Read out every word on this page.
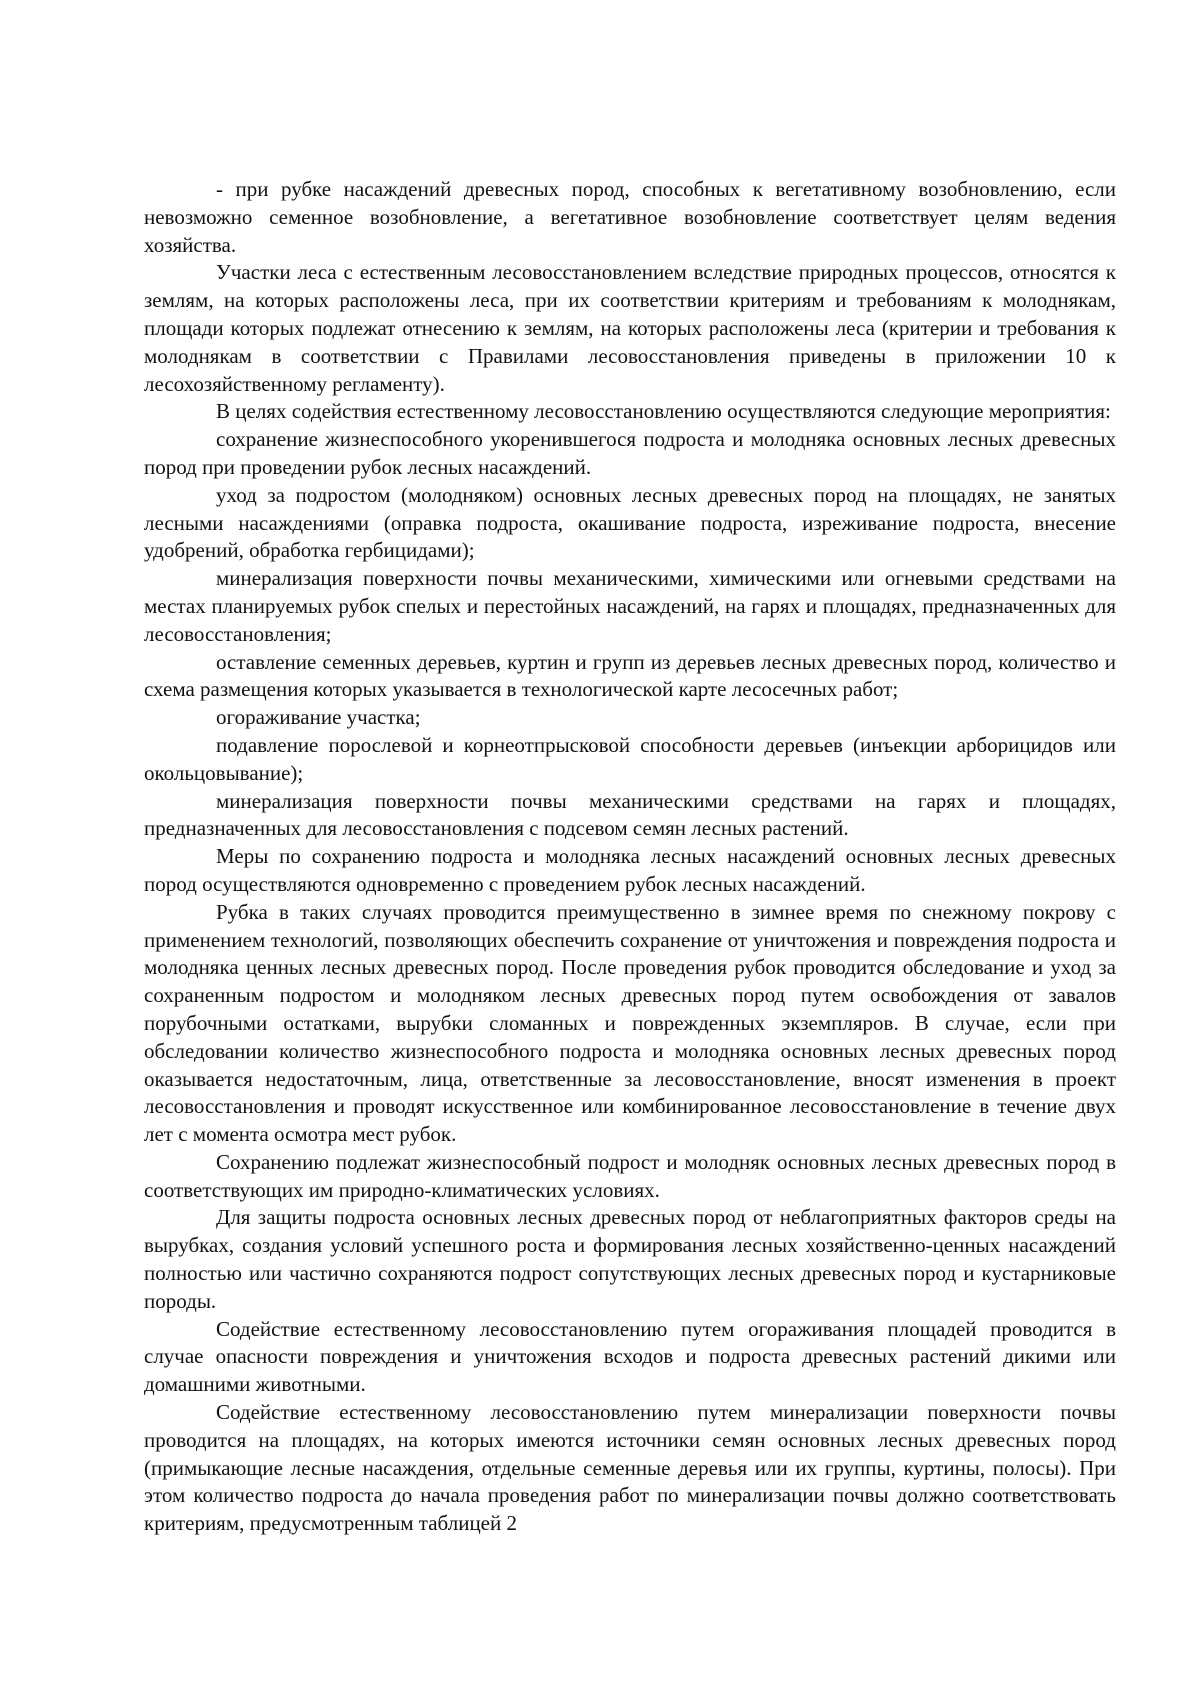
- при рубке насаждений древесных пород, способных к вегетативному возобновлению, если невозможно семенное возобновление, а вегетативное возобновление соответствует целям ведения хозяйства.

Участки леса с естественным лесовосстановлением вследствие природных процессов, относятся к землям, на которых расположены леса, при их соответствии критериям и требованиям к молоднякам, площади которых подлежат отнесению к землям, на которых расположены леса (критерии и требования к молоднякам в соответствии с Правилами лесовосстановления приведены в приложении 10 к лесохозяйственному регламенту).

В целях содействия естественному лесовосстановлению осуществляются следующие мероприятия:

сохранение жизнеспособного укоренившегося подроста и молодняка основных лесных древесных пород при проведении рубок лесных насаждений.

уход за подростом (молодняком) основных лесных древесных пород на площадях, не занятых лесными насаждениями (оправка подроста, окашивание подроста, изреживание подроста, внесение удобрений, обработка гербицидами);

минерализация поверхности почвы механическими, химическими или огневыми средствами на местах планируемых рубок спелых и перестойных насаждений, на гарях и площадях, предназначенных для лесовосстановления;

оставление семенных деревьев, куртин и групп из деревьев лесных древесных пород, количество и схема размещения которых указывается в технологической карте лесосечных работ;

огораживание участка;

подавление порослевой и корнеотпрысковой способности деревьев (инъекции арборицидов или окольцовывание);

минерализация поверхности почвы механическими средствами на гарях и площадях, предназначенных для лесовосстановления с подсевом семян лесных растений.

Меры по сохранению подроста и молодняка лесных насаждений основных лесных древесных пород осуществляются одновременно с проведением рубок лесных насаждений.

Рубка в таких случаях проводится преимущественно в зимнее время по снежному покрову с применением технологий, позволяющих обеспечить сохранение от уничтожения и повреждения подроста и молодняка ценных лесных древесных пород. После проведения рубок проводится обследование и уход за сохраненным подростом и молодняком лесных древесных пород путем освобождения от завалов порубочными остатками, вырубки сломанных и поврежденных экземпляров. В случае, если при обследовании количество жизнеспособного подроста и молодняка основных лесных древесных пород оказывается недостаточным, лица, ответственные за лесовосстановление, вносят изменения в проект лесовосстановления и проводят искусственное или комбинированное лесовосстановление в течение двух лет с момента осмотра мест рубок.

Сохранению подлежат жизнеспособный подрост и молодняк основных лесных древесных пород в соответствующих им природно-климатических условиях.

Для защиты подроста основных лесных древесных пород от неблагоприятных факторов среды на вырубках, создания условий успешного роста и формирования лесных хозяйственно-ценных насаждений полностью или частично сохраняются подрост сопутствующих лесных древесных пород и кустарниковые породы.

Содействие естественному лесовосстановлению путем огораживания площадей проводится в случае опасности повреждения и уничтожения всходов и подроста древесных растений дикими или домашними животными.

Содействие естественному лесовосстановлению путем минерализации поверхности почвы проводится на площадях, на которых имеются источники семян основных лесных древесных пород (примыкающие лесные насаждения, отдельные семенные деревья или их группы, куртины, полосы). При этом количество подроста до начала проведения работ по минерализации почвы должно соответствовать критериям, предусмотренным таблицей 2
